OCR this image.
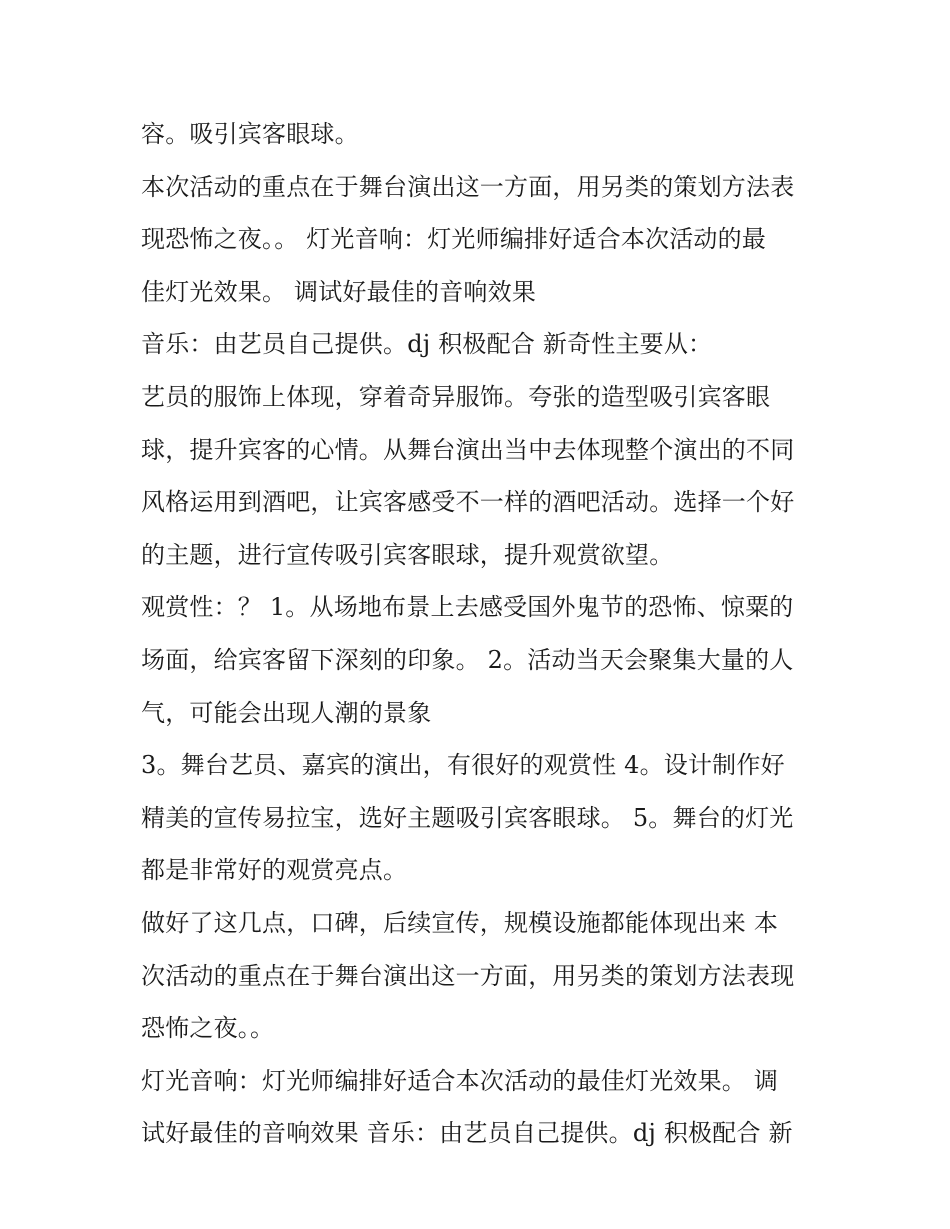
容。吸引宾客眼球。
本次活动的重点在于舞台演出这一方面，用另类的策划方法表
现恐怖之夜。。 灯光音响：灯光师编排好适合本次活动的最
佳灯光效果。 调试好最佳的音响效果
音乐：由艺员自己提供。dj 积极配合 新奇性主要从：
艺员的服饰上体现，穿着奇异服饰。夸张的造型吸引宾客眼
球，提升宾客的心情。从舞台演出当中去体现整个演出的不同
风格运用到酒吧，让宾客感受不一样的酒吧活动。选择一个好
的主题，进行宣传吸引宾客眼球，提升观赏欲望。
观赏性：？ 1。从场地布景上去感受国外鬼节的恐怖、惊粟的
场面，给宾客留下深刻的印象。 2。活动当天会聚集大量的人
气，可能会出现人潮的景象
3。舞台艺员、嘉宾的演出，有很好的观赏性 4。设计制作好
精美的宣传易拉宝，选好主题吸引宾客眼球。 5。舞台的灯光
都是非常好的观赏亮点。
做好了这几点，口碑，后续宣传，规模设施都能体现出来 本
次活动的重点在于舞台演出这一方面，用另类的策划方法表现
恐怖之夜。。
灯光音响：灯光师编排好适合本次活动的最佳灯光效果。 调
试好最佳的音响效果 音乐：由艺员自己提供。dj 积极配合 新
